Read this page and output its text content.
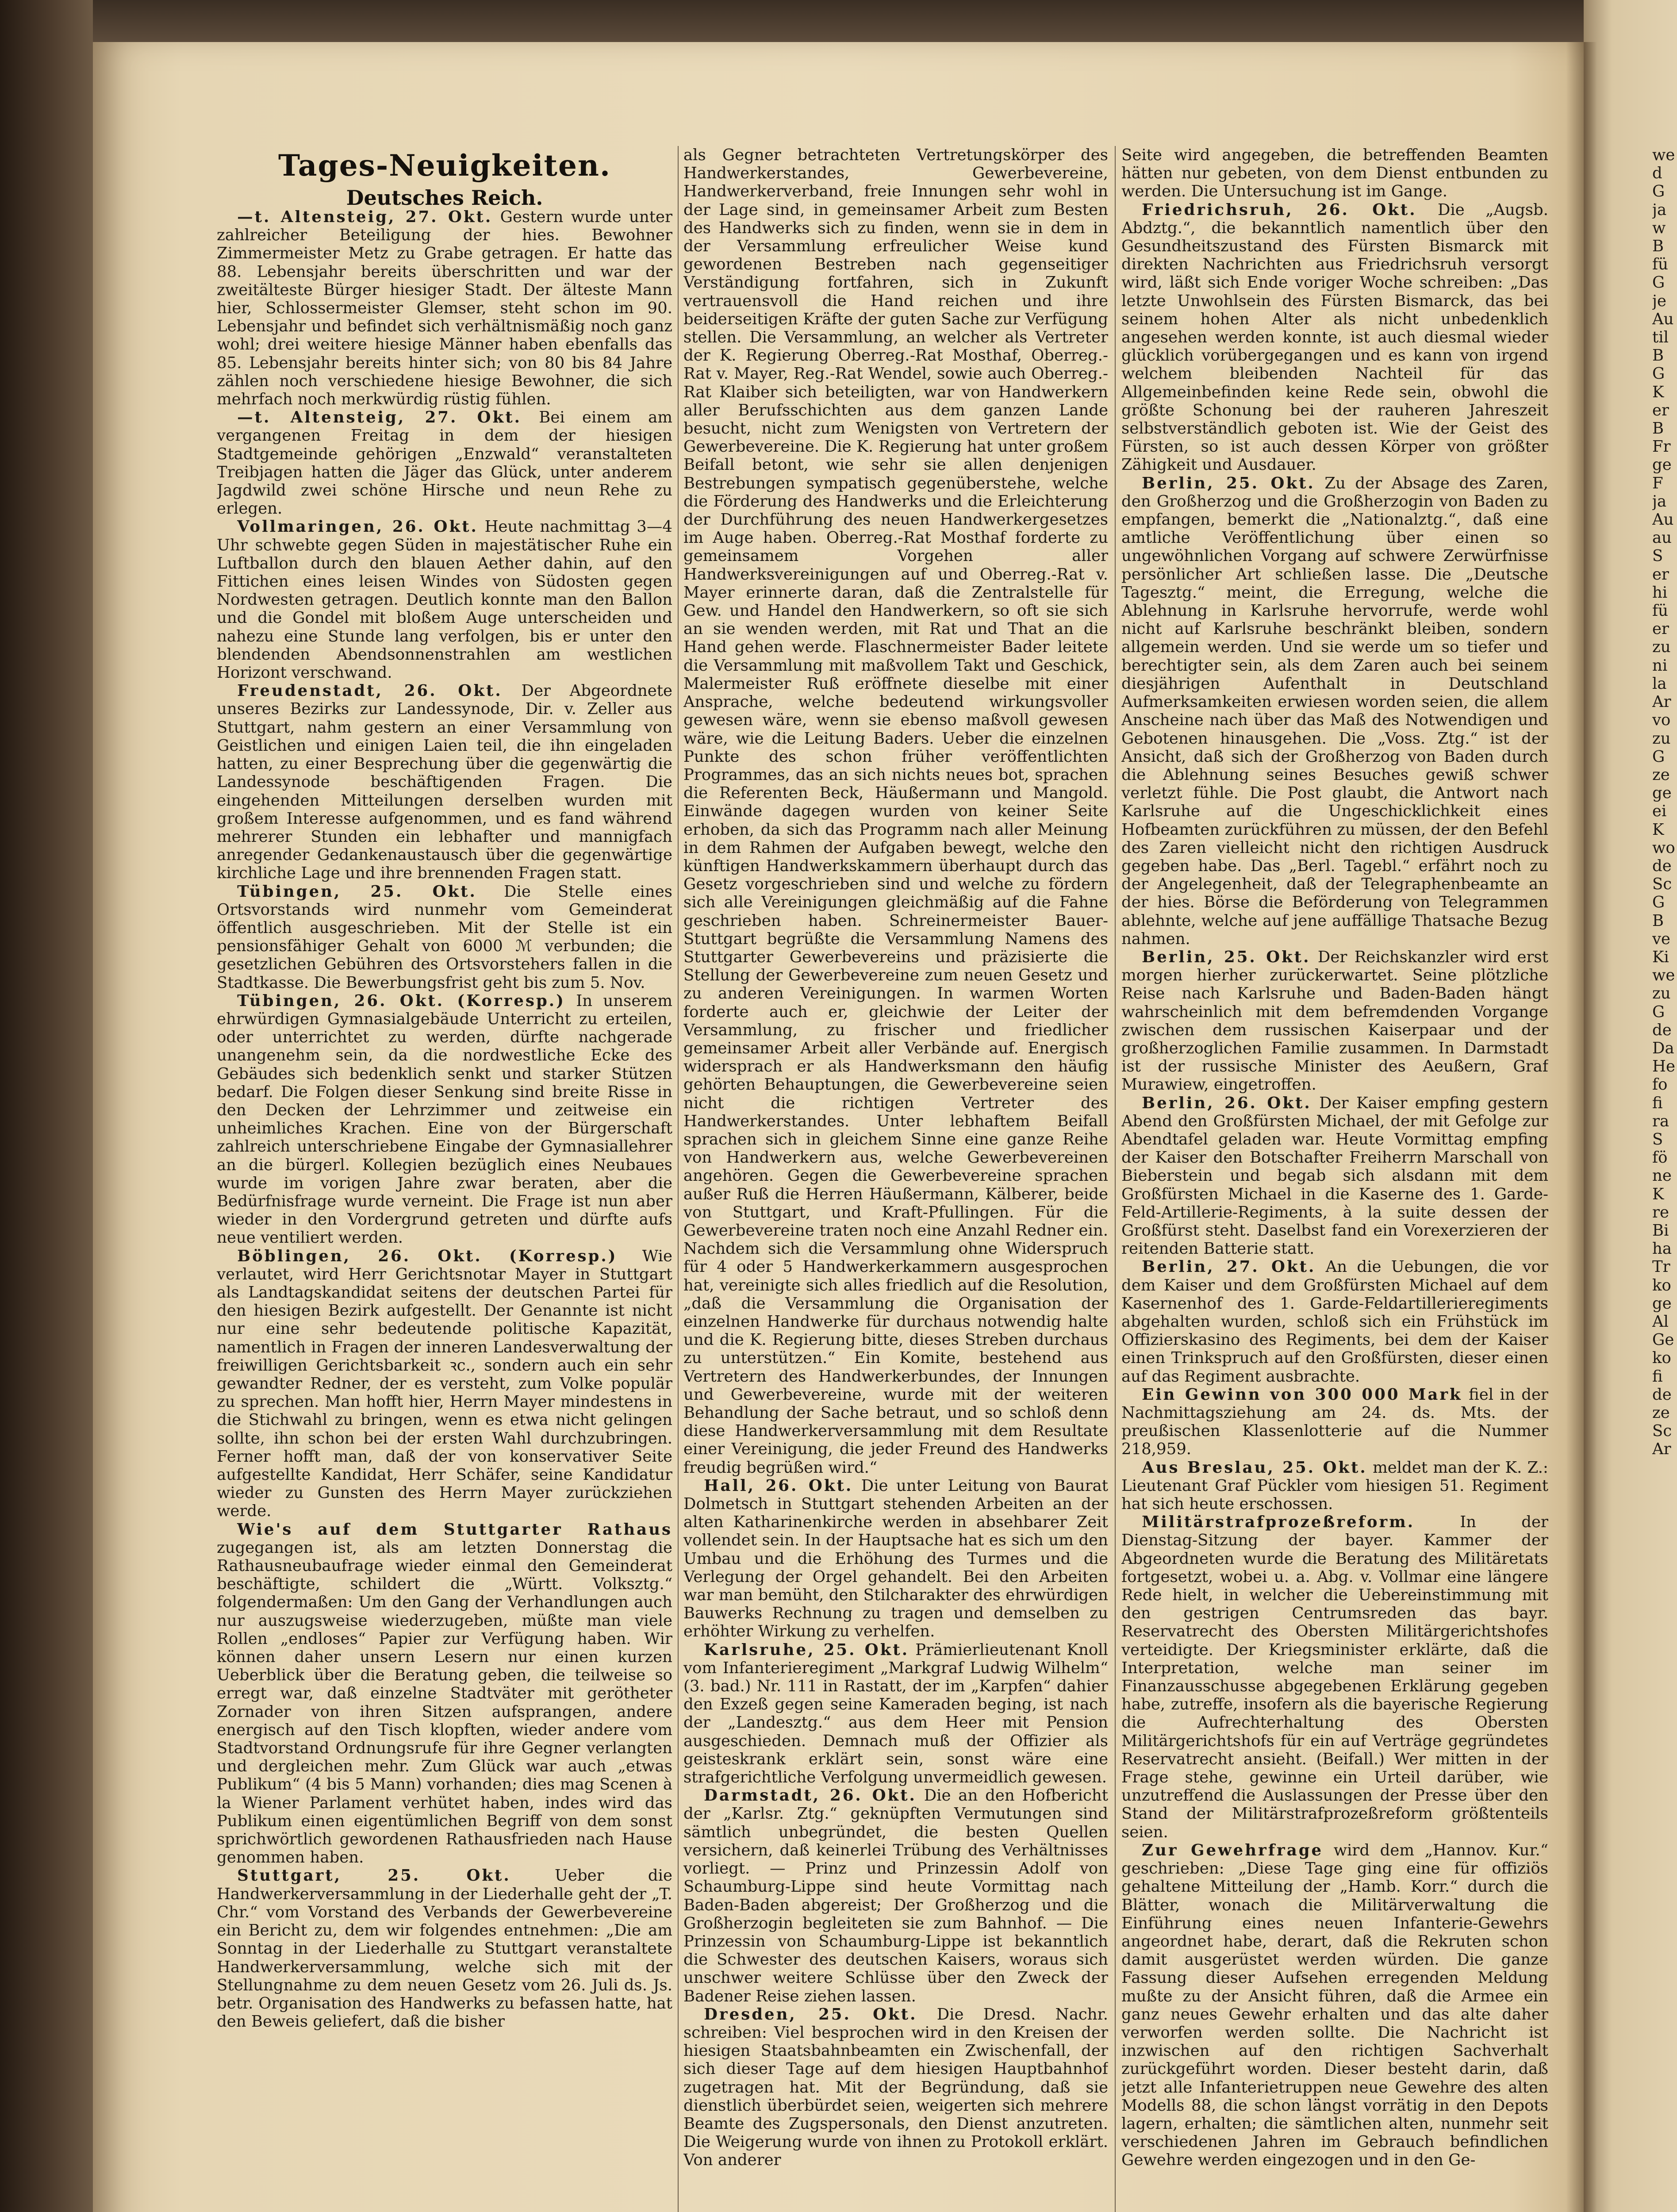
Tages-Neuigkeiten.
Deutsches Reich.

—t. Altensteig, 27. Okt. Gestern wurde unter zahlreicher Beteiligung der hies. Bewohner Zimmermeister Metz zu Grabe getragen. Er hatte das 88. Lebensjahr bereits überschritten und war der zweitälteste Bürger hiesiger Stadt. Der älteste Mann hier, Schlossermeister Glemser, steht schon im 90. Lebensjahr und befindet sich verhältnismäßig noch ganz wohl; drei weitere hiesige Männer haben ebenfalls das 85. Lebensjahr bereits hinter sich; von 80 bis 84 Jahre zählen noch verschiedene hiesige Bewohner, die sich mehrfach noch merkwürdig rüstig fühlen.

—t. Altensteig, 27. Okt. Bei einem am vergangenen Freitag in dem der hiesigen Stadtgemeinde gehörigen „Enzwald“ veranstalteten Treibjagen hatten die Jäger das Glück, unter anderem Jagdwild zwei schöne Hirsche und neun Rehe zu erlegen.

Vollmaringen, 26. Okt. Heute nachmittag 3—4 Uhr schwebte gegen Süden in majestätischer Ruhe ein Luftballon durch den blauen Aether dahin, auf den Fittichen eines leisen Windes von Südosten gegen Nordwesten getragen. Deutlich konnte man den Ballon und die Gondel mit bloßem Auge unterscheiden und nahezu eine Stunde lang verfolgen, bis er unter den blendenden Abendsonnenstrahlen am westlichen Horizont verschwand.

Freudenstadt, 26. Okt. Der Abgeordnete unseres Bezirks zur Landessynode, Dir. v. Zeller aus Stuttgart, nahm gestern an einer Versammlung von Geistlichen und einigen Laien teil, die ihn eingeladen hatten, zu einer Besprechung über die gegenwärtig die Landessynode beschäftigenden Fragen. Die eingehenden Mitteilungen derselben wurden mit großem Interesse aufgenommen, und es fand während mehrerer Stunden ein lebhafter und mannigfach anregender Gedankenaustausch über die gegenwärtige kirchliche Lage und ihre brennenden Fragen statt.

Tübingen, 25. Okt. Die Stelle eines Ortsvorstands wird nunmehr vom Gemeinderat öffentlich ausgeschrieben. Mit der Stelle ist ein pensionsfähiger Gehalt von 6000 ℳ verbunden; die gesetzlichen Gebühren des Ortsvorstehers fallen in die Stadtkasse. Die Bewerbungsfrist geht bis zum 5. Nov.

Tübingen, 26. Okt. (Korresp.) In unserem ehrwürdigen Gymnasialgebäude Unterricht zu erteilen, oder unterrichtet zu werden, dürfte nachgerade unangenehm sein, da die nordwestliche Ecke des Gebäudes sich bedenklich senkt und starker Stützen bedarf. Die Folgen dieser Senkung sind breite Risse in den Decken der Lehrzimmer und zeitweise ein unheimliches Krachen. Eine von der Bürgerschaft zahlreich unterschriebene Eingabe der Gymnasiallehrer an die bürgerl. Kollegien bezüglich eines Neubaues wurde im vorigen Jahre zwar beraten, aber die Bedürfnisfrage wurde verneint. Die Frage ist nun aber wieder in den Vordergrund getreten und dürfte aufs neue ventiliert werden.

Böblingen, 26. Okt. (Korresp.) Wie verlautet, wird Herr Gerichtsnotar Mayer in Stuttgart als Landtagskandidat seitens der deutschen Partei für den hiesigen Bezirk aufgestellt. Der Genannte ist nicht nur eine sehr bedeutende politische Kapazität, namentlich in Fragen der inneren Landesverwaltung der freiwilligen Gerichtsbarkeit ꝛc., sondern auch ein sehr gewandter Redner, der es versteht, zum Volke populär zu sprechen. Man hofft hier, Herrn Mayer mindestens in die Stichwahl zu bringen, wenn es etwa nicht gelingen sollte, ihn schon bei der ersten Wahl durchzubringen. Ferner hofft man, daß der von konservativer Seite aufgestellte Kandidat, Herr Schäfer, seine Kandidatur wieder zu Gunsten des Herrn Mayer zurückziehen werde.

Wie's auf dem Stuttgarter Rathaus zugegangen ist, als am letzten Donnerstag die Rathausneubaufrage wieder einmal den Gemeinderat beschäftigte, schildert die „Württ. Volksztg.“ folgendermaßen: Um den Gang der Verhandlungen auch nur auszugsweise wiederzugeben, müßte man viele Rollen „endloses“ Papier zur Verfügung haben. Wir können daher unsern Lesern nur einen kurzen Ueberblick über die Beratung geben, die teilweise so erregt war, daß einzelne Stadtväter mit gerötheter Zornader von ihren Sitzen aufsprangen, andere energisch auf den Tisch klopften, wieder andere vom Stadtvorstand Ordnungsrufe für ihre Gegner verlangten und dergleichen mehr. Zum Glück war auch „etwas Publikum“ (4 bis 5 Mann) vorhanden; dies mag Scenen à la Wiener Parlament verhütet haben, indes wird das Publikum einen eigentümlichen Begriff von dem sonst sprichwörtlich gewordenen Rathausfrieden nach Hause genommen haben.

Stuttgart, 25. Okt.	Ueber die Handwerkerversammlung in der Liederhalle geht der „T. Chr.“ vom Vorstand des Verbands der Gewerbevereine ein Bericht zu, dem wir folgendes entnehmen: „Die am Sonntag in der Liederhalle zu Stuttgart veranstaltete Handwerkerversammlung, welche sich mit der Stellungnahme zu dem neuen Gesetz vom 26. Juli ds. Js. betr. Organisation des Handwerks zu befassen hatte, hat den Beweis geliefert, daß die bisher

als Gegner betrachteten Vertretungskörper des Handwerkerstandes, Gewerbevereine, Handwerkerverband, freie Innungen sehr wohl in der Lage sind, in gemeinsamer Arbeit zum Besten des Handwerks sich zu finden, wenn sie in dem in der Versammlung erfreulicher Weise kund gewordenen Bestreben nach gegenseitiger Verständigung fortfahren, sich in Zukunft vertrauensvoll die Hand reichen und ihre beiderseitigen Kräfte der guten Sache zur Verfügung stellen. Die Versammlung, an welcher als Vertreter der K. Regierung Oberreg.-Rat Mosthaf, Oberreg.-Rat v. Mayer, Reg.-Rat Wendel, sowie auch Oberreg.-Rat Klaiber sich beteiligten, war von Handwerkern aller Berufsschichten aus dem ganzen Lande besucht, nicht zum Wenigsten von Vertretern der Gewerbevereine. Die K. Regierung hat unter großem Beifall betont, wie sehr sie allen denjenigen Bestrebungen sympatisch gegenüberstehe, welche die Förderung des Handwerks und die Erleichterung der Durchführung des neuen Handwerkergesetzes im Auge haben. Oberreg.-Rat Mosthaf forderte zu gemeinsamem Vorgehen aller Handwerksvereinigungen auf und Oberreg.-Rat v. Mayer erinnerte daran, daß die Zentralstelle für Gew. und Handel den Handwerkern, so oft sie sich an sie wenden werden, mit Rat und That an die Hand gehen werde. Flaschnermeister Bader leitete die Versammlung mit maßvollem Takt und Geschick, Malermeister Ruß eröffnete dieselbe mit einer Ansprache, welche bedeutend wirkungsvoller gewesen wäre, wenn sie ebenso maßvoll gewesen wäre, wie die Leitung Baders. Ueber die einzelnen Punkte des schon früher veröffentlichten Programmes, das an sich nichts neues bot, sprachen die Referenten Beck, Häußermann und Mangold. Einwände dagegen wurden von keiner Seite erhoben, da sich das Programm nach aller Meinung in dem Rahmen der Aufgaben bewegt, welche den künftigen Handwerkskammern überhaupt durch das Gesetz vorgeschrieben sind und welche zu fördern sich alle Vereinigungen gleichmäßig auf die Fahne geschrieben haben. Schreinermeister Bauer-Stuttgart begrüßte die Versammlung Namens des Stuttgarter Gewerbevereins und präzisierte die Stellung der Gewerbevereine zum neuen Gesetz und zu anderen Vereinigungen. In warmen Worten forderte auch er, gleichwie der Leiter der Versammlung, zu frischer und friedlicher gemeinsamer Arbeit aller Verbände auf. Energisch widersprach er als Handwerksmann den häufig gehörten Behauptungen, die Gewerbevereine seien nicht die richtigen Vertreter des Handwerkerstandes. Unter lebhaftem Beifall sprachen sich in gleichem Sinne eine ganze Reihe von Handwerkern aus, welche Gewerbevereinen angehören. Gegen die Gewerbevereine sprachen außer Ruß die Herren Häußermann, Kälberer, beide von Stuttgart, und Kraft-Pfullingen. Für die Gewerbevereine traten noch eine Anzahl Redner ein. Nachdem sich die Versammlung ohne Widerspruch für 4 oder 5 Handwerkerkammern ausgesprochen hat, vereinigte sich alles friedlich auf die Resolution, „daß die Versammlung die Organisation der einzelnen Handwerke für durchaus notwendig halte und die K. Regierung bitte, dieses Streben durchaus zu unterstützen.“ Ein Komite, bestehend aus Vertretern des Handwerkerbundes, der Innungen und Gewerbevereine, wurde mit der weiteren Behandlung der Sache betraut, und so schloß denn diese Handwerkerversammlung mit dem Resultate einer Vereinigung, die jeder Freund des Handwerks freudig begrüßen wird.“

Hall, 26. Okt. Die unter Leitung von Baurat Dolmetsch in Stuttgart stehenden Arbeiten an der alten Katharinenkirche werden in absehbarer Zeit vollendet sein. In der Hauptsache hat es sich um den Umbau und die Erhöhung des Turmes und die Verlegung der Orgel gehandelt. Bei den Arbeiten war man bemüht, den Stilcharakter des ehrwürdigen Bauwerks Rechnung zu tragen und demselben zu erhöhter Wirkung zu verhelfen.

Karlsruhe, 25. Okt. Prämierlieutenant Knoll vom Infanterieregiment „Markgraf Ludwig Wilhelm“ (3. bad.) Nr. 111 in Rastatt, der im „Karpfen“ dahier den Exzeß gegen seine Kameraden beging, ist nach der „Landesztg.“ aus dem Heer mit Pension ausgeschieden. Demnach muß der Offizier als geisteskrank erklärt sein, sonst wäre eine strafgerichtliche Verfolgung unvermeidlich gewesen.

Darmstadt, 26. Okt. Die an den Hofbericht der „Karlsr. Ztg.“ geknüpften Vermutungen sind sämtlich unbegründet, die besten Quellen versichern, daß keinerlei Trübung des Verhältnisses vorliegt. — Prinz und Prinzessin Adolf von Schaumburg-Lippe sind heute Vormittag nach Baden-Baden abgereist; Der Großherzog und die Großherzogin begleiteten sie zum Bahnhof. — Die Prinzessin von Schaumburg-Lippe ist bekanntlich die Schwester des deutschen Kaisers, woraus sich unschwer weitere Schlüsse über den Zweck der Badener Reise ziehen lassen.

Dresden, 25. Okt. Die Dresd. Nachr. schreiben: Viel besprochen wird in den Kreisen der hiesigen Staatsbahnbeamten ein Zwischenfall, der sich dieser Tage auf dem hiesigen Hauptbahnhof zugetragen hat. Mit der Begründung, daß sie dienstlich überbürdet seien, weigerten sich mehrere Beamte des Zugspersonals, den Dienst anzutreten. Die Weigerung wurde von ihnen zu Protokoll erklärt. Von anderer

Seite wird angegeben, die betreffenden Beamten hätten nur gebeten, von dem Dienst entbunden zu werden. Die Untersuchung ist im Gange.

Friedrichsruh, 26. Okt. Die „Augsb. Abdztg.“, die bekanntlich namentlich über den Gesundheitszustand des Fürsten Bismarck mit direkten Nachrichten aus Friedrichsruh versorgt wird, läßt sich Ende voriger Woche schreiben: „Das letzte Unwohlsein des Fürsten Bismarck, das bei seinem hohen Alter als nicht unbedenklich angesehen werden konnte, ist auch diesmal wieder glücklich vorübergegangen und es kann von irgend welchem bleibenden Nachteil für das Allgemeinbefinden keine Rede sein, obwohl die größte Schonung bei der rauheren Jahreszeit selbstverständlich geboten ist. Wie der Geist des Fürsten, so ist auch dessen Körper von größter Zähigkeit und Ausdauer.

Berlin, 25. Okt. Zu der Absage des Zaren, den Großherzog und die Großherzogin von Baden zu empfangen, bemerkt die „Nationalztg.“, daß eine amtliche Veröffentlichung über einen so ungewöhnlichen Vorgang auf schwere Zerwürfnisse persönlicher Art schließen lasse. Die „Deutsche Tagesztg.“ meint, die Erregung, welche die Ablehnung in Karlsruhe hervorrufe, werde wohl nicht auf Karlsruhe beschränkt bleiben, sondern allgemein werden. Und sie werde um so tiefer und berechtigter sein, als dem Zaren auch bei seinem diesjährigen Aufenthalt in Deutschland Aufmerksamkeiten erwiesen worden seien, die allem Anscheine nach über das Maß des Notwendigen und Gebotenen hinausgehen. Die „Voss. Ztg.“ ist der Ansicht, daß sich der Großherzog von Baden durch die Ablehnung seines Besuches gewiß schwer verletzt fühle. Die Post glaubt, die Antwort nach Karlsruhe auf die Ungeschicklichkeit eines Hofbeamten zurückführen zu müssen, der den Befehl des Zaren vielleicht nicht den richtigen Ausdruck gegeben habe. Das „Berl. Tagebl.“ erfährt noch zu der Angelegenheit, daß der Telegraphenbeamte an der hies. Börse die Beförderung von Telegrammen ablehnte, welche auf jene auffällige Thatsache Bezug nahmen.

Berlin, 25. Okt. Der Reichskanzler wird erst morgen hierher zurückerwartet. Seine plötzliche Reise nach Karlsruhe und Baden-Baden hängt wahrscheinlich mit dem befremdenden Vorgange zwischen dem russischen Kaiserpaar und der großherzoglichen Familie zusammen. In Darmstadt ist der russische Minister des Aeußern, Graf Murawiew, eingetroffen.

Berlin, 26. Okt. Der Kaiser empfing gestern Abend den Großfürsten Michael, der mit Gefolge zur Abendtafel geladen war. Heute Vormittag empfing der Kaiser den Botschafter Freiherrn Marschall von Bieberstein und begab sich alsdann mit dem Großfürsten Michael in die Kaserne des 1. Garde-Feld-Artillerie-Regiments, à la suite dessen der Großfürst steht. Daselbst fand ein Vorexerzieren der reitenden Batterie statt.

Berlin, 27. Okt. An die Uebungen, die vor dem Kaiser und dem Großfürsten Michael auf dem Kasernenhof des 1. Garde-Feldartillerieregiments abgehalten wurden, schloß sich ein Frühstück im Offizierskasino des Regiments, bei dem der Kaiser einen Trinkspruch auf den Großfürsten, dieser einen auf das Regiment ausbrachte.

Ein Gewinn von 300 000 Mark fiel in der Nachmittagsziehung am 24. ds. Mts. der preußischen Klassenlotterie auf die Nummer 218,959.

Aus Breslau, 25. Okt. meldet man der K. Z.: Lieutenant Graf Pückler vom hiesigen 51. Regiment hat sich heute erschossen.

Militärstrafprozeßreform.	In der Dienstag-Sitzung der bayer. Kammer der Abgeordneten wurde die Beratung des Militäretats fortgesetzt, wobei u. a. Abg. v. Vollmar eine längere Rede hielt, in welcher die Uebereinstimmung mit den gestrigen Centrumsreden das bayr. Reservatrecht des Obersten Militärgerichtshofes verteidigte. Der Kriegsminister erklärte, daß die Interpretation, welche man seiner im Finanzausschusse abgegebenen Erklärung gegeben habe, zutreffe, insofern als die bayerische Regierung die Aufrechterhaltung des Obersten Militärgerichtshofs für ein auf Verträge gegründetes Reservatrecht ansieht. (Beifall.) Wer mitten in der Frage stehe, gewinne ein Urteil darüber, wie unzutreffend die Auslassungen der Presse über den Stand der Militärstrafprozeßreform größtenteils seien.

Zur Gewehrfrage wird dem „Hannov. Kur.“ geschrieben: „Diese Tage ging eine für offiziös gehaltene Mitteilung der „Hamb. Korr.“ durch die Blätter, wonach die Militärverwaltung die Einführung eines neuen Infanterie-Gewehrs angeordnet habe, derart, daß die Rekruten schon damit ausgerüstet werden würden. Die ganze Fassung dieser Aufsehen erregenden Meldung mußte zu der Ansicht führen, daß die Armee ein ganz neues Gewehr erhalten und das alte daher verworfen werden sollte. Die Nachricht ist inzwischen auf den richtigen Sachverhalt zurückgeführt worden. Dieser besteht darin, daß jetzt alle Infanterietruppen neue Gewehre des alten Modells 88, die schon längst vorrätig in den Depots lagern, erhalten; die sämtlichen alten, nunmehr seit verschiedenen Jahren im Gebrauch befindlichen Gewehre werden eingezogen und in den Ge-

we
d
G
ja
w
B
fü
G
je
Au
til
B
G
K
er
B
Fr
ge
F
ja
Au
au
S
er
hi
fü
er
zu
ni
la
Ar
vo
zu
G
ze
ge
ei
K
wo
de
Sc
G
B
ve
Ki
we
zu
G
de
Da
He
fo
fi
ra
S
fö
ne
K
re
Bi
ha
Tr
ko
ge
Al
Ge
ko
fi
de
ze
Sc
Ar
